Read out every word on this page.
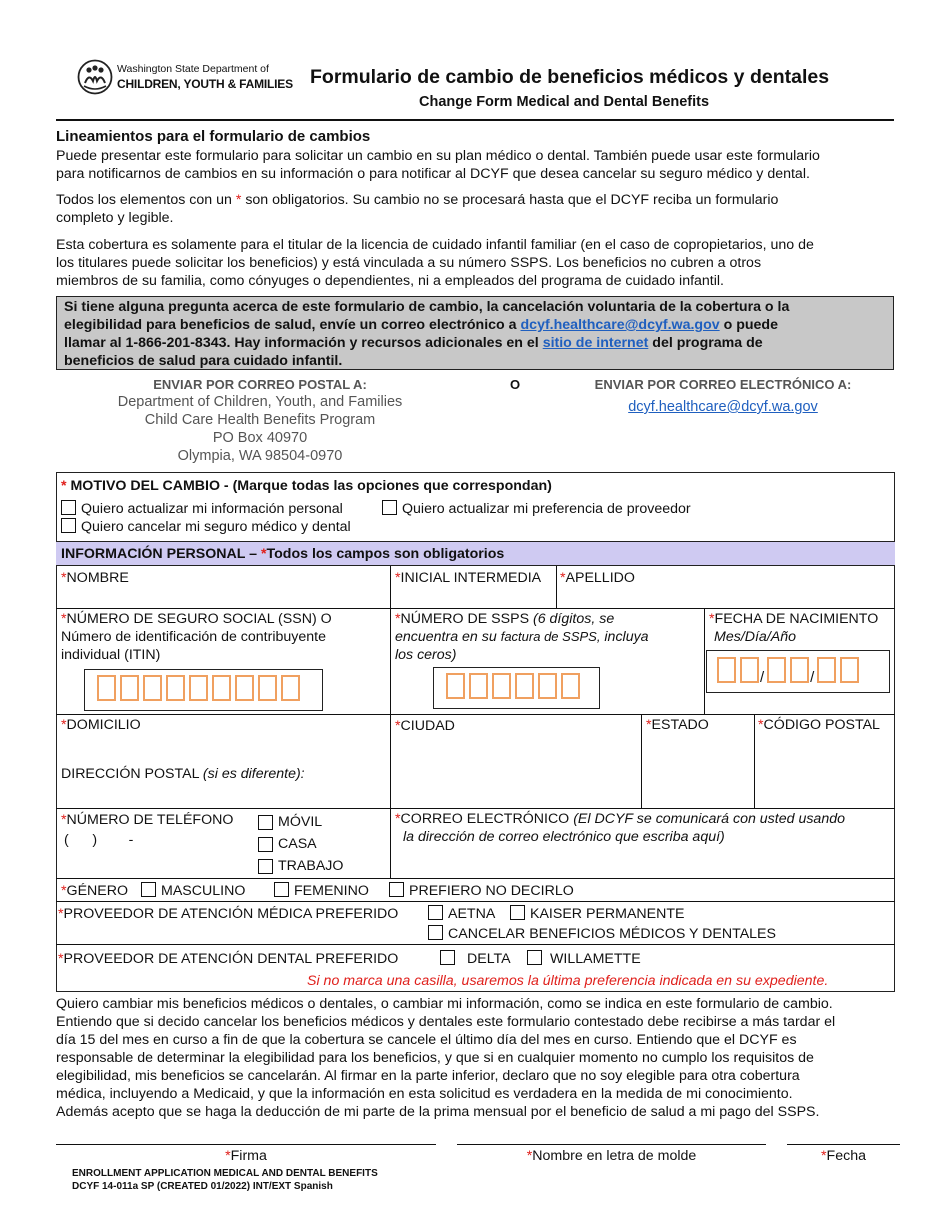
Washington State Department of
CHILDREN, YOUTH & FAMILIES Formulario de cambio de beneficios médicos y dentales
Change Form Medical and Dental Benefits
Lineamientos para el formulario de cambios
Puede presentar este formulario para solicitar un cambio en su plan médico o dental. También puede usar este formulario
para notificarnos de cambios en su información o para notificar al DCYF que desea cancelar su seguro médico y dental.
Todos los elementos con un * son obligatorios. Su cambio no se procesará hasta que el DCYF reciba un formulario
completo y legible.
Esta cobertura es solamente para el titular de la licencia de cuidado infantil familiar (en el caso de copropietarios, uno de
los titulares puede solicitar los beneficios) y está vinculada a su número SSPS. Los beneficios no cubren a otros
miembros de su familia, como cónyuges o dependientes, ni a empleados del programa de cuidado infantil.
Si tiene alguna pregunta acerca de este formulario de cambio, la cancelación voluntaria de la cobertura o la
elegibilidad para beneficios de salud, envíe un correo electrónico a dcyf.healthcare@dcyf.wa.gov o puede
llamar al 1-866-201-8343. Hay información y recursos adicionales en el sitio de internet del programa de
beneficios de salud para cuidado infantil.
ENVIAR POR CORREO POSTAL A:
Department of Children, Youth, and Families
Child Care Health Benefits Program
PO Box 40970
Olympia, WA 98504-0970
O	ENVIAR POR CORREO ELECTRÓNICO A:
dcyf.healthcare@dcyf.wa.gov
* MOTIVO DEL CAMBIO - (Marque todas las opciones que correspondan)
Quiero actualizar mi información personal	Quiero actualizar mi preferencia de proveedor
Quiero cancelar mi seguro médico y dental
INFORMACIÓN PERSONAL – *Todos los campos son obligatorios
*NOMBRE	*INICIAL INTERMEDIA *APELLIDO
*NÚMERO DE SEGURO SOCIAL (SSN) O
Número de identificación de contribuyente
individual (ITIN)
*NÚMERO DE SSPS (6 dígitos, se
encuentra en su factura de SSPS, incluya
los ceros)
*FECHA DE NACIMIENTO
Mes/Día/Año
/	/
*DOMICILIO
DIRECCIÓN POSTAL (si es diferente):
*CIUDAD	*ESTADO	*CÓDIGO POSTAL
*NÚMERO DE TELÉFONO
(      )        -
MÓVIL
CASA
TRABAJO
*CORREO ELECTRÓNICO (El DCYF se comunicará con usted usando
la dirección de correo electrónico que escriba aquí)
*GÉNERO	MASCULINO	FEMENINO	PREFIERO NO DECIRLO
*PROVEEDOR DE ATENCIÓN MÉDICA PREFERIDO	AETNA	KAISER PERMANENTE
CANCELAR BENEFICIOS MÉDICOS Y DENTALES
*PROVEEDOR DE ATENCIÓN DENTAL PREFERIDO	DELTA	WILLAMETTE
Si no marca una casilla, usaremos la última preferencia indicada en su expediente.
Quiero cambiar mis beneficios médicos o dentales, o cambiar mi información, como se indica en este formulario de cambio.
Entiendo que si decido cancelar los beneficios médicos y dentales este formulario contestado debe recibirse a más tardar el
día 15 del mes en curso a fin de que la cobertura se cancele el último día del mes en curso. Entiendo que el DCYF es
responsable de determinar la elegibilidad para los beneficios, y que si en cualquier momento no cumplo los requisitos de
elegibilidad, mis beneficios se cancelarán. Al firmar en la parte inferior, declaro que no soy elegible para otra cobertura
médica, incluyendo a Medicaid, y que la información en esta solicitud es verdadera en la medida de mi conocimiento.
Además acepto que se haga la deducción de mi parte de la prima mensual por el beneficio de salud a mi pago del SSPS.
*Firma	*Nombre en letra de molde	*Fecha
ENROLLMENT APPLICATION MEDICAL AND DENTAL BENEFITS
DCYF 14-011a SP (CREATED 01/2022) INT/EXT Spanish
